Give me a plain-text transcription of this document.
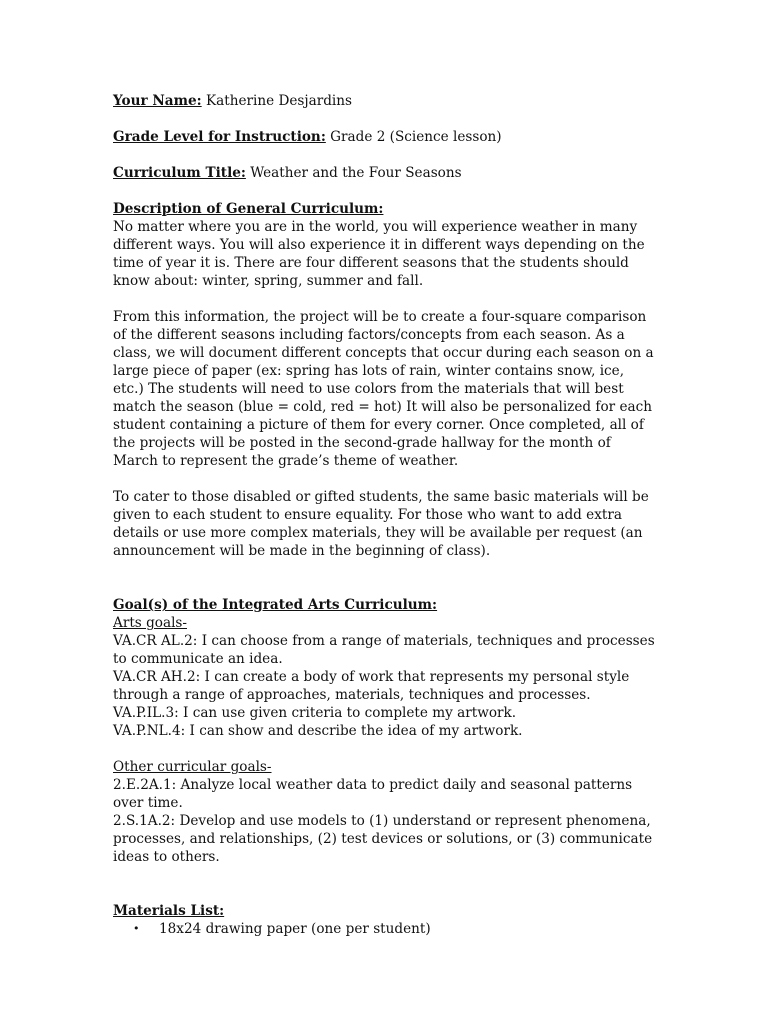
Your Name: Katherine Desjardins
Grade Level for Instruction: Grade 2 (Science lesson)
Curriculum Title: Weather and the Four Seasons
Description of General Curriculum:
No matter where you are in the world, you will experience weather in many different ways. You will also experience it in different ways depending on the time of year it is. There are four different seasons that the students should know about: winter, spring, summer and fall.
From this information, the project will be to create a four-square comparison of the different seasons including factors/concepts from each season. As a class, we will document different concepts that occur during each season on a large piece of paper (ex: spring has lots of rain, winter contains snow, ice, etc.) The students will need to use colors from the materials that will best match the season (blue = cold, red = hot) It will also be personalized for each student containing a picture of them for every corner. Once completed, all of the projects will be posted in the second-grade hallway for the month of March to represent the grade’s theme of weather.
To cater to those disabled or gifted students, the same basic materials will be given to each student to ensure equality. For those who want to add extra details or use more complex materials, they will be available per request (an announcement will be made in the beginning of class).
Goal(s) of the Integrated Arts Curriculum:
Arts goals-
VA.CR AL.2: I can choose from a range of materials, techniques and processes to communicate an idea.
VA.CR AH.2: I can create a body of work that represents my personal style through a range of approaches, materials, techniques and processes.
VA.P.IL.3: I can use given criteria to complete my artwork.
VA.P.NL.4: I can show and describe the idea of my artwork.
Other curricular goals-
2.E.2A.1: Analyze local weather data to predict daily and seasonal patterns over time.
2.S.1A.2: Develop and use models to (1) understand or represent phenomena, processes, and relationships, (2) test devices or solutions, or (3) communicate ideas to others.
Materials List:
• 18x24 drawing paper (one per student)
